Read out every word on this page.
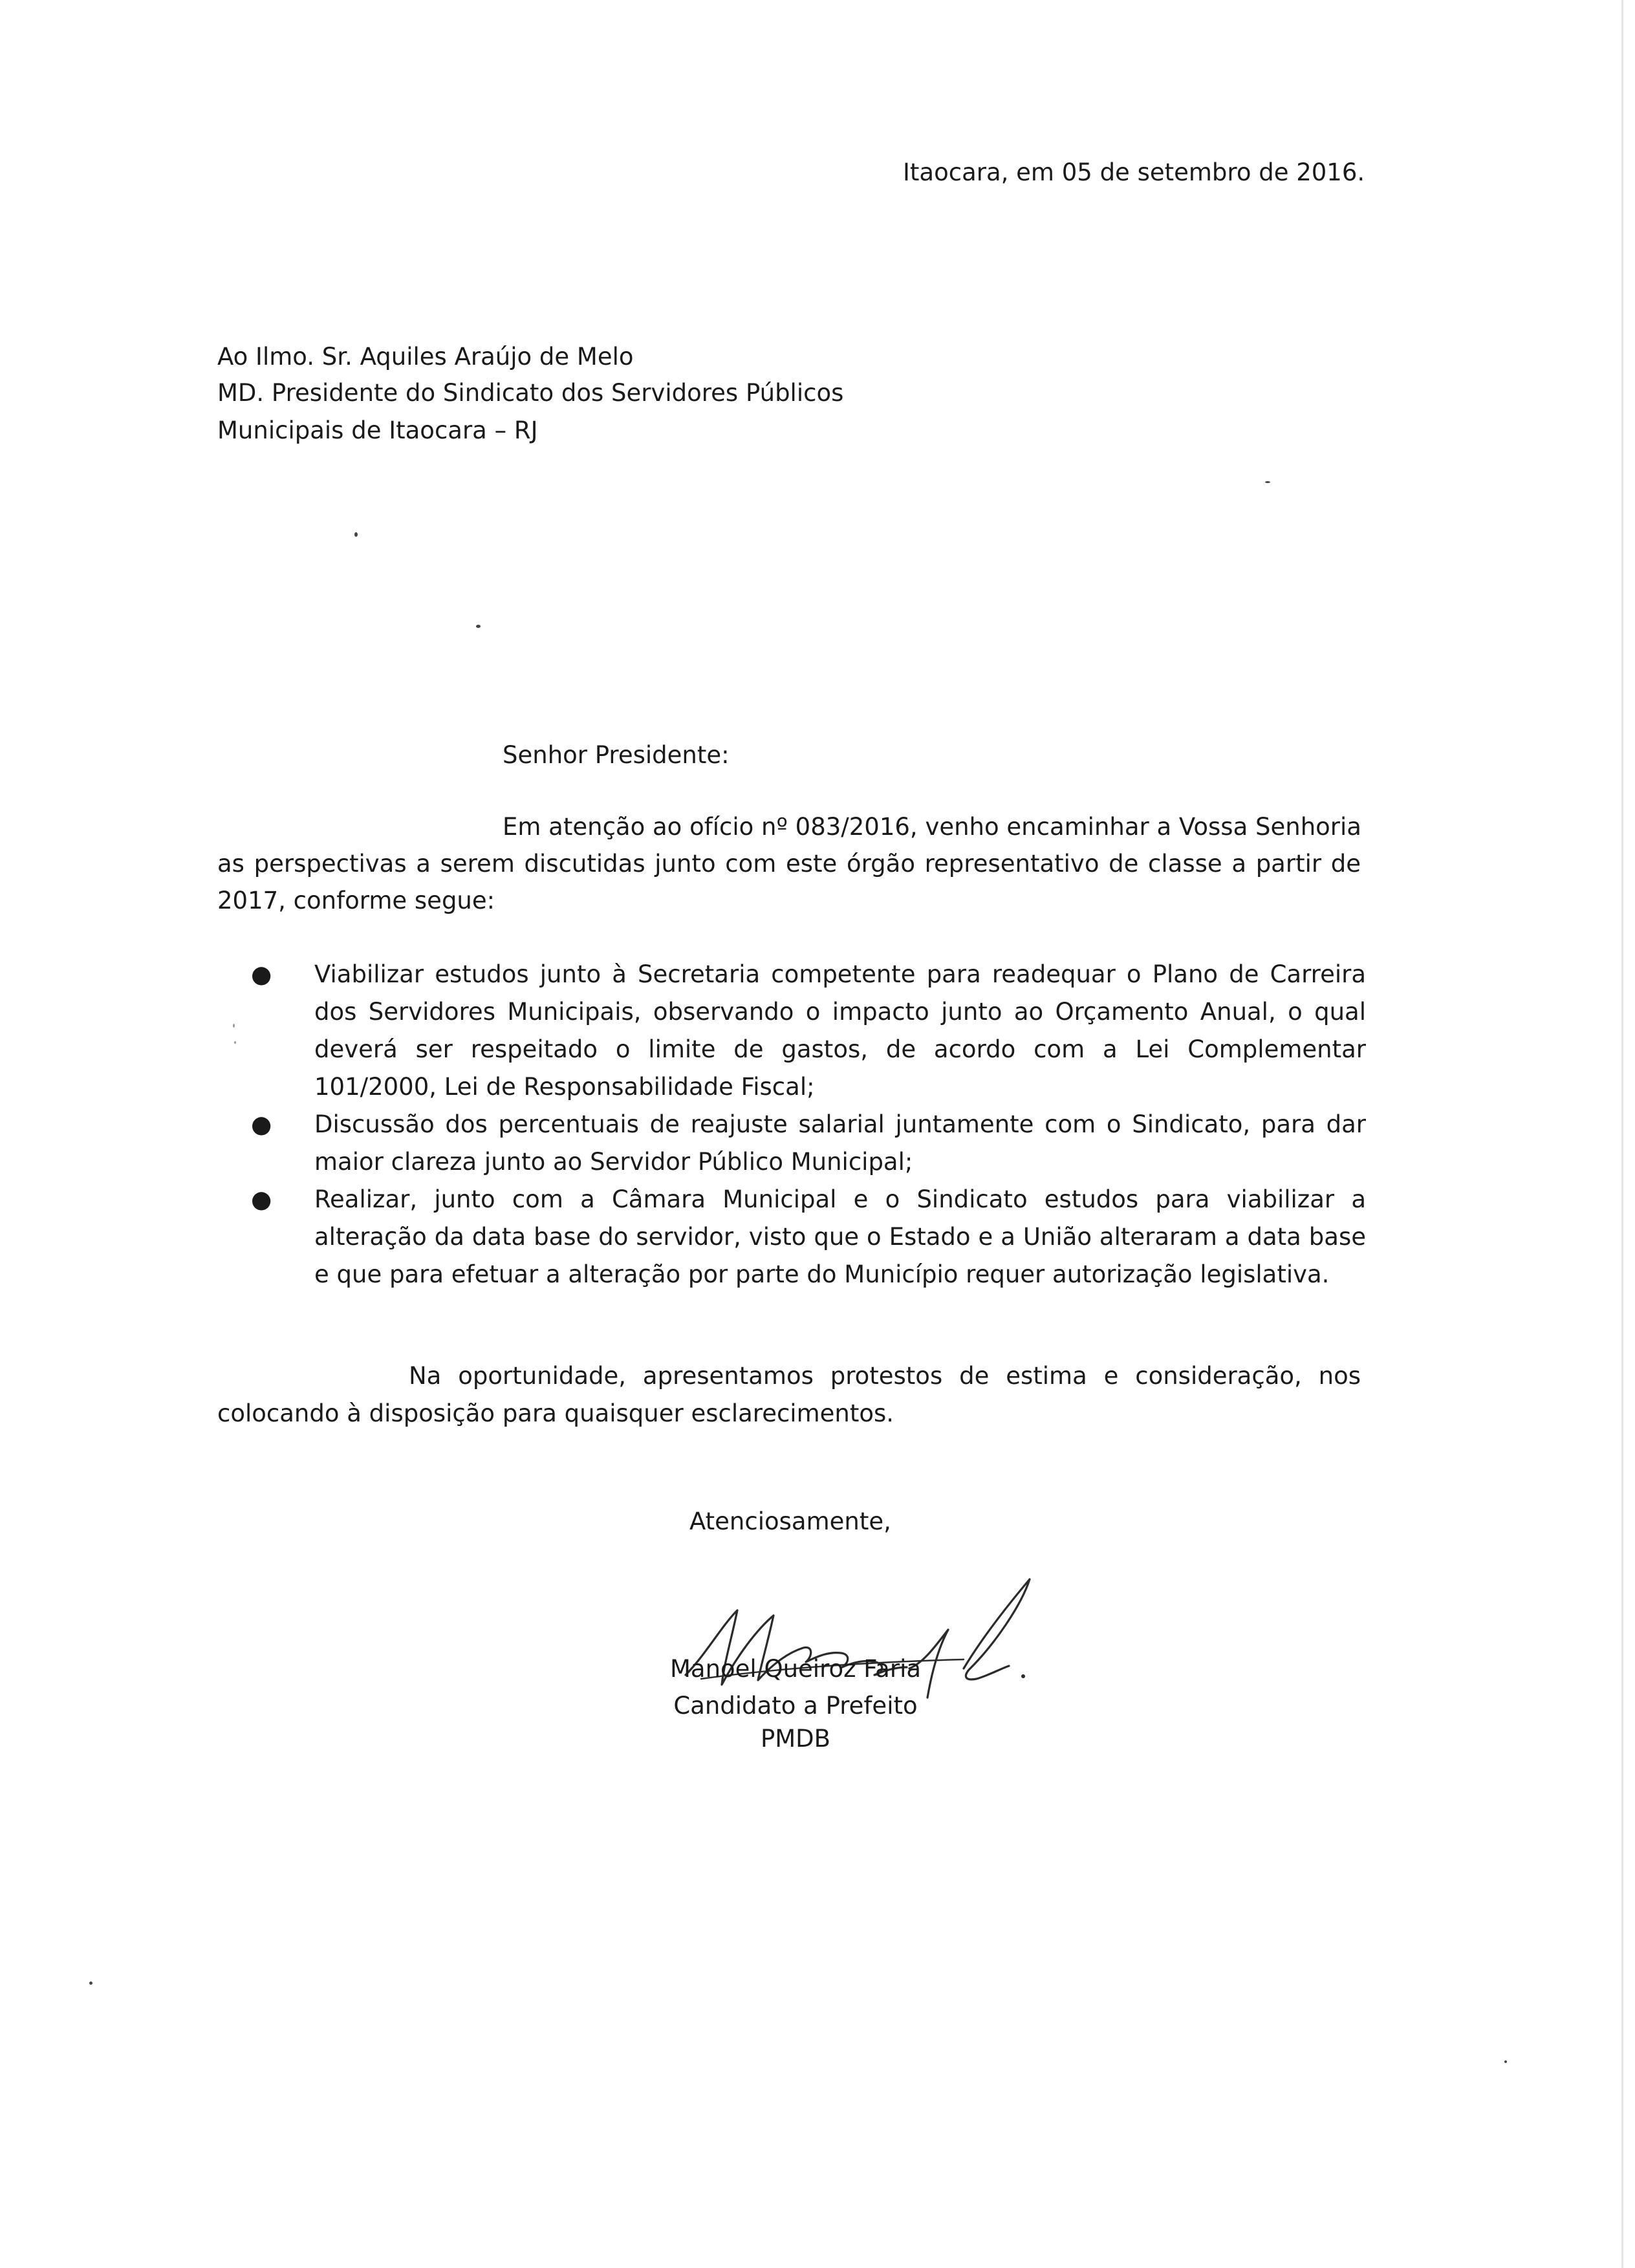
Itaocara, em 05 de setembro de 2016.
Ao Ilmo. Sr. Aquiles Araújo de Melo
MD. Presidente do Sindicato dos Servidores Públicos
Municipais de Itaocara – RJ
Senhor Presidente:
Em atenção ao ofício nº 083/2016, venho encaminhar a Vossa Senhoria
as perspectivas a serem discutidas junto com este órgão representativo de classe a partir de
2017, conforme segue:
● Viabilizar estudos junto à Secretaria competente para readequar o Plano de Carreira
dos Servidores Municipais, observando o impacto junto ao Orçamento Anual, o qual
deverá ser respeitado o limite de gastos, de acordo com a Lei Complementar
101/2000, Lei de Responsabilidade Fiscal;
● Discussão dos percentuais de reajuste salarial juntamente com o Sindicato, para dar
maior clareza junto ao Servidor Público Municipal;
● Realizar, junto com a Câmara Municipal e o Sindicato estudos para viabilizar a
alteração da data base do servidor, visto que o Estado e a União alteraram a data base
e que para efetuar a alteração por parte do Município requer autorização legislativa.
Na oportunidade, apresentamos protestos de estima e consideração, nos
colocando à disposição para quaisquer esclarecimentos.
Atenciosamente,
Manoel Queiroz Faria
Candidato a Prefeito
PMDB
